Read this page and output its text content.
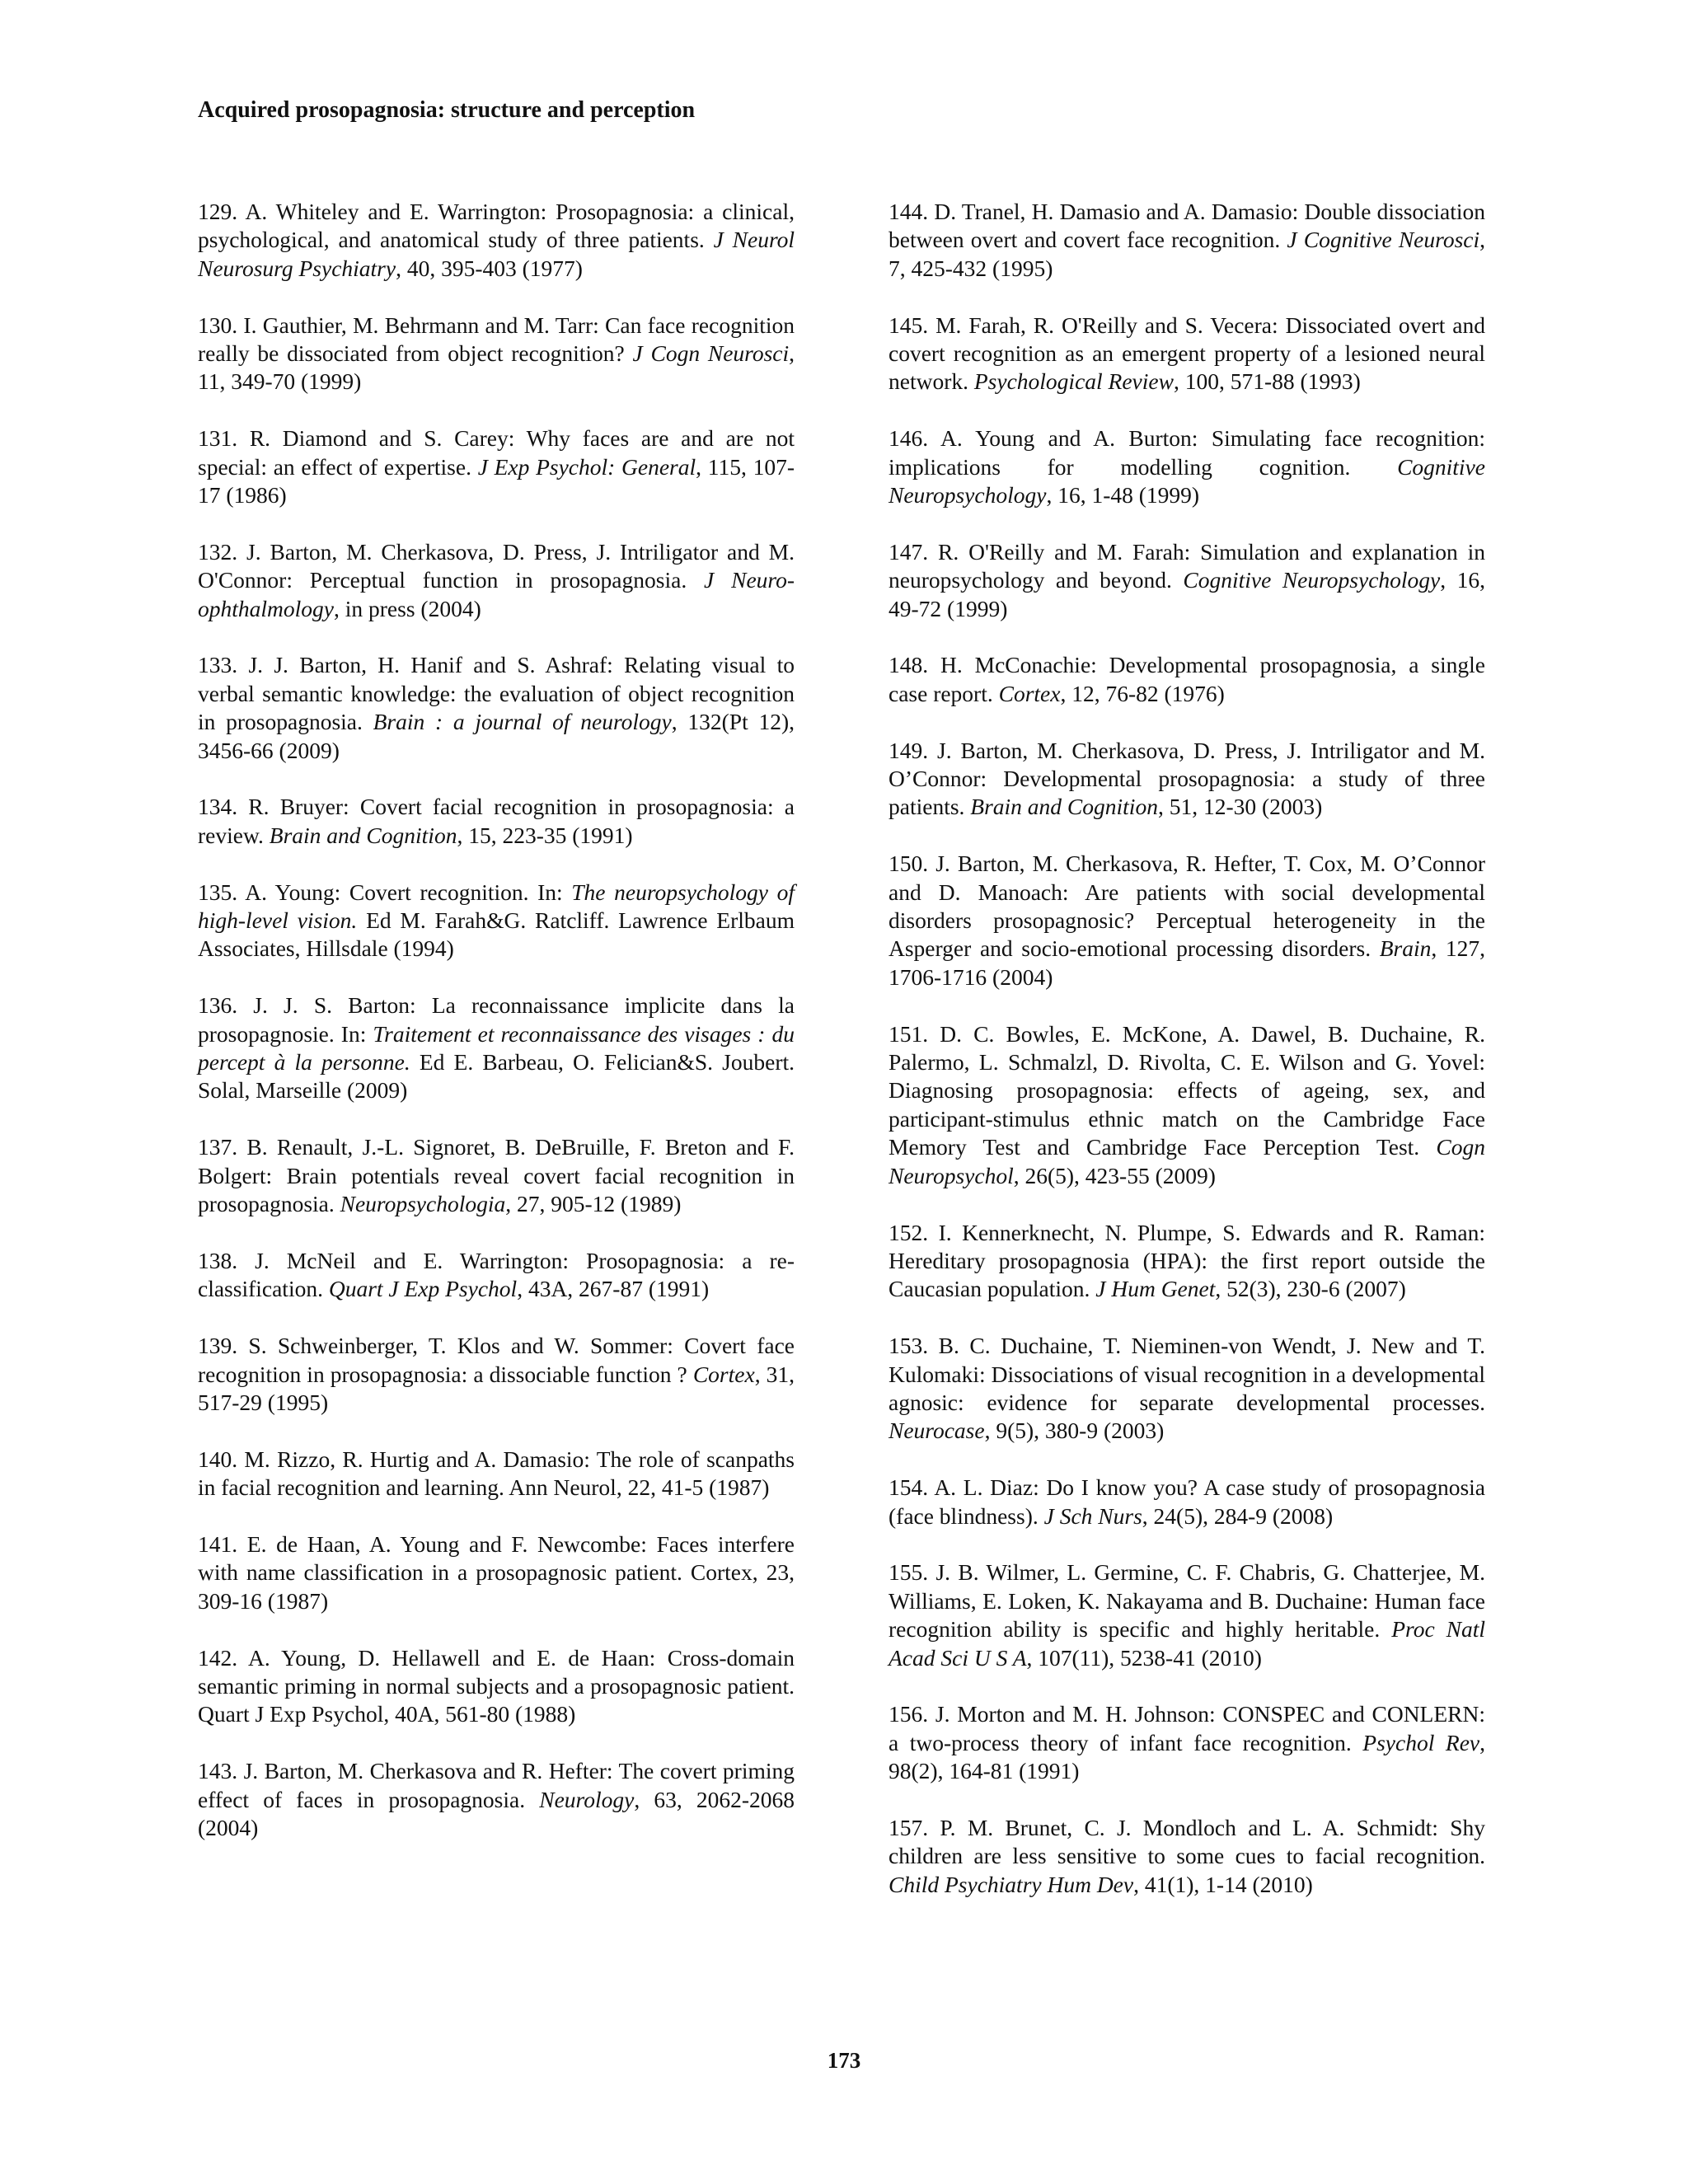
Acquired prosopagnosia: structure and perception

129. A. Whiteley and E. Warrington: Prosopagnosia: a clinical, psychological, and anatomical study of three patients. J Neurol Neurosurg Psychiatry, 40, 395-403 (1977)

130. I. Gauthier, M. Behrmann and M. Tarr: Can face recognition really be dissociated from object recognition? J Cogn Neurosci, 11, 349-70 (1999)

131. R. Diamond and S. Carey: Why faces are and are not special: an effect of expertise. J Exp Psychol: General, 115, 107-17 (1986)

132. J. Barton, M. Cherkasova, D. Press, J. Intriligator and M. O'Connor: Perceptual function in prosopagnosia. J Neuro-ophthalmology, in press (2004)

133. J. J. Barton, H. Hanif and S. Ashraf: Relating visual to verbal semantic knowledge: the evaluation of object recognition in prosopagnosia. Brain : a journal of neurology, 132(Pt 12), 3456-66 (2009)

134. R. Bruyer: Covert facial recognition in prosopagnosia: a review. Brain and Cognition, 15, 223-35 (1991)

135. A. Young: Covert recognition. In: The neuropsychology of high-level vision. Ed M. Farah&G. Ratcliff. Lawrence Erlbaum Associates, Hillsdale (1994)

136. J. J. S. Barton: La reconnaissance implicite dans la prosopagnosie. In: Traitement et reconnaissance des visages : du percept à la personne. Ed E. Barbeau, O. Felician&S. Joubert. Solal, Marseille (2009)

137. B. Renault, J.-L. Signoret, B. DeBruille, F. Breton and F. Bolgert: Brain potentials reveal covert facial recognition in prosopagnosia. Neuropsychologia, 27, 905-12 (1989)

138. J. McNeil and E. Warrington: Prosopagnosia: a re-classification. Quart J Exp Psychol, 43A, 267-87 (1991)

139. S. Schweinberger, T. Klos and W. Sommer: Covert face recognition in prosopagnosia: a dissociable function ? Cortex, 31, 517-29 (1995)

140. M. Rizzo, R. Hurtig and A. Damasio: The role of scanpaths in facial recognition and learning. Ann Neurol, 22, 41-5 (1987)

141. E. de Haan, A. Young and F. Newcombe: Faces interfere with name classification in a prosopagnosic patient. Cortex, 23, 309-16 (1987)

142. A. Young, D. Hellawell and E. de Haan: Cross-domain semantic priming in normal subjects and a prosopagnosic patient. Quart J Exp Psychol, 40A, 561-80 (1988)

143. J. Barton, M. Cherkasova and R. Hefter: The covert priming effect of faces in prosopagnosia. Neurology, 63, 2062-2068 (2004)

144. D. Tranel, H. Damasio and A. Damasio: Double dissociation between overt and covert face recognition. J Cognitive Neurosci, 7, 425-432 (1995)

145. M. Farah, R. O'Reilly and S. Vecera: Dissociated overt and covert recognition as an emergent property of a lesioned neural network. Psychological Review, 100, 571-88 (1993)

146. A. Young and A. Burton: Simulating face recognition: implications for modelling cognition. Cognitive Neuropsychology, 16, 1-48 (1999)

147. R. O'Reilly and M. Farah: Simulation and explanation in neuropsychology and beyond. Cognitive Neuropsychology, 16, 49-72 (1999)

148. H. McConachie: Developmental prosopagnosia, a single case report. Cortex, 12, 76-82 (1976)

149. J. Barton, M. Cherkasova, D. Press, J. Intriligator and M. O’Connor: Developmental prosopagnosia: a study of three patients. Brain and Cognition, 51, 12-30 (2003)

150. J. Barton, M. Cherkasova, R. Hefter, T. Cox, M. O’Connor and D. Manoach: Are patients with social developmental disorders prosopagnosic? Perceptual heterogeneity in the Asperger and socio-emotional processing disorders. Brain, 127, 1706-1716 (2004)

151. D. C. Bowles, E. McKone, A. Dawel, B. Duchaine, R. Palermo, L. Schmalzl, D. Rivolta, C. E. Wilson and G. Yovel: Diagnosing prosopagnosia: effects of ageing, sex, and participant-stimulus ethnic match on the Cambridge Face Memory Test and Cambridge Face Perception Test. Cogn Neuropsychol, 26(5), 423-55 (2009)

152. I. Kennerknecht, N. Plumpe, S. Edwards and R. Raman: Hereditary prosopagnosia (HPA): the first report outside the Caucasian population. J Hum Genet, 52(3), 230-6 (2007)

153. B. C. Duchaine, T. Nieminen-von Wendt, J. New and T. Kulomaki: Dissociations of visual recognition in a developmental agnosic: evidence for separate developmental processes. Neurocase, 9(5), 380-9 (2003)

154. A. L. Diaz: Do I know you? A case study of prosopagnosia (face blindness). J Sch Nurs, 24(5), 284-9 (2008)

155. J. B. Wilmer, L. Germine, C. F. Chabris, G. Chatterjee, M. Williams, E. Loken, K. Nakayama and B. Duchaine: Human face recognition ability is specific and highly heritable. Proc Natl Acad Sci U S A, 107(11), 5238-41 (2010)

156. J. Morton and M. H. Johnson: CONSPEC and CONLERN: a two-process theory of infant face recognition. Psychol Rev, 98(2), 164-81 (1991)

157. P. M. Brunet, C. J. Mondloch and L. A. Schmidt: Shy children are less sensitive to some cues to facial recognition. Child Psychiatry Hum Dev, 41(1), 1-14 (2010)

173
